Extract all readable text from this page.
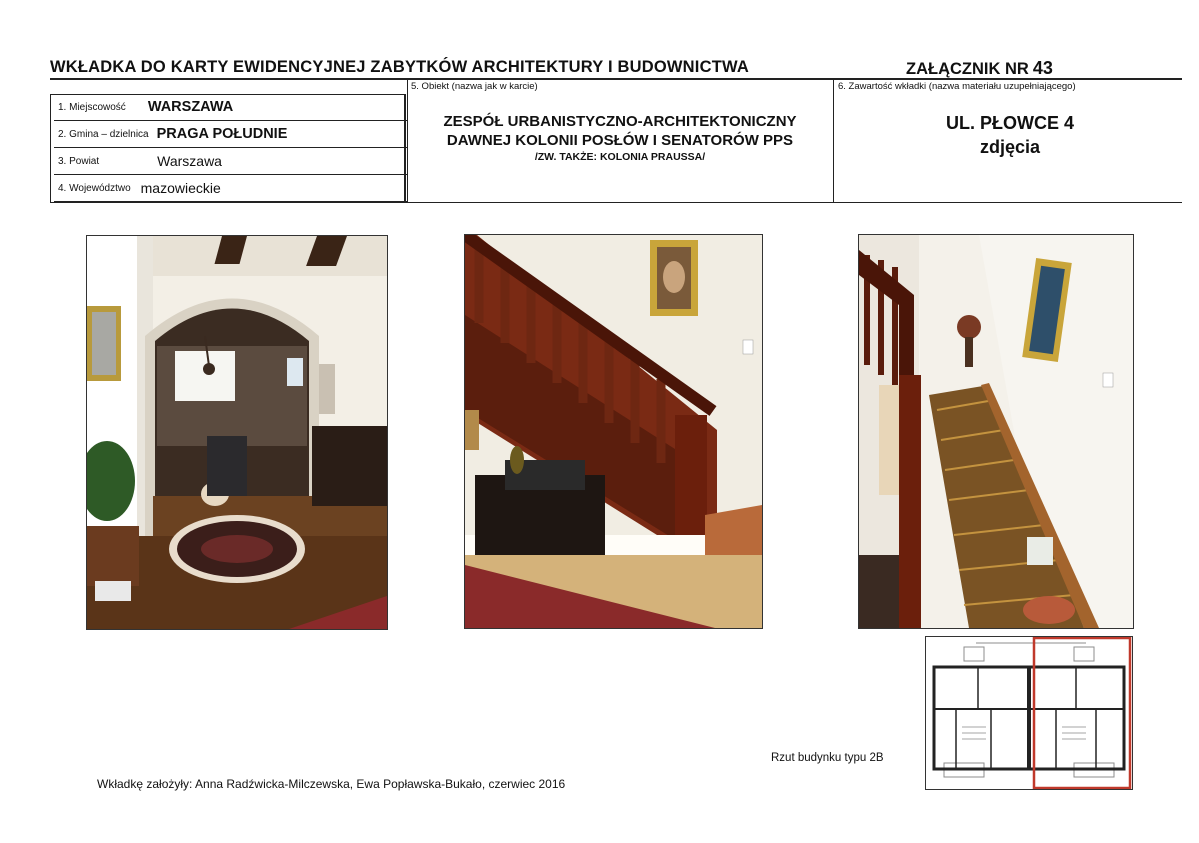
WKŁADKA DO KARTY EWIDENCYJNEJ ZABYTKÓW ARCHITEKTURY I BUDOWNICTWA	ZAŁĄCZNIK NR 43
1. Miejscowość WARSZAWA
2. Gmina – dzielnica PRAGA POŁUDNIE
3. Powiat	Warszawa
4. Województwo mazowieckie
5. Obiekt (nazwa jak w karcie)
ZESPÓŁ URBANISTYCZNO-ARCHITEKTONICZNY
DAWNEJ KOLONII POSŁÓW I SENATORÓW PPS
/ZW. TAKŻE: KOLONIA PRAUSSA/
6. Zawartość wkładki (nazwa materiału uzupełniającego)
UL. PŁOWCE 4
zdjęcia
Rzut budynku typu 2B
Wkładkę założyły: Anna Radźwicka-Milczewska, Ewa Popławska-Bukało, czerwiec 2016
